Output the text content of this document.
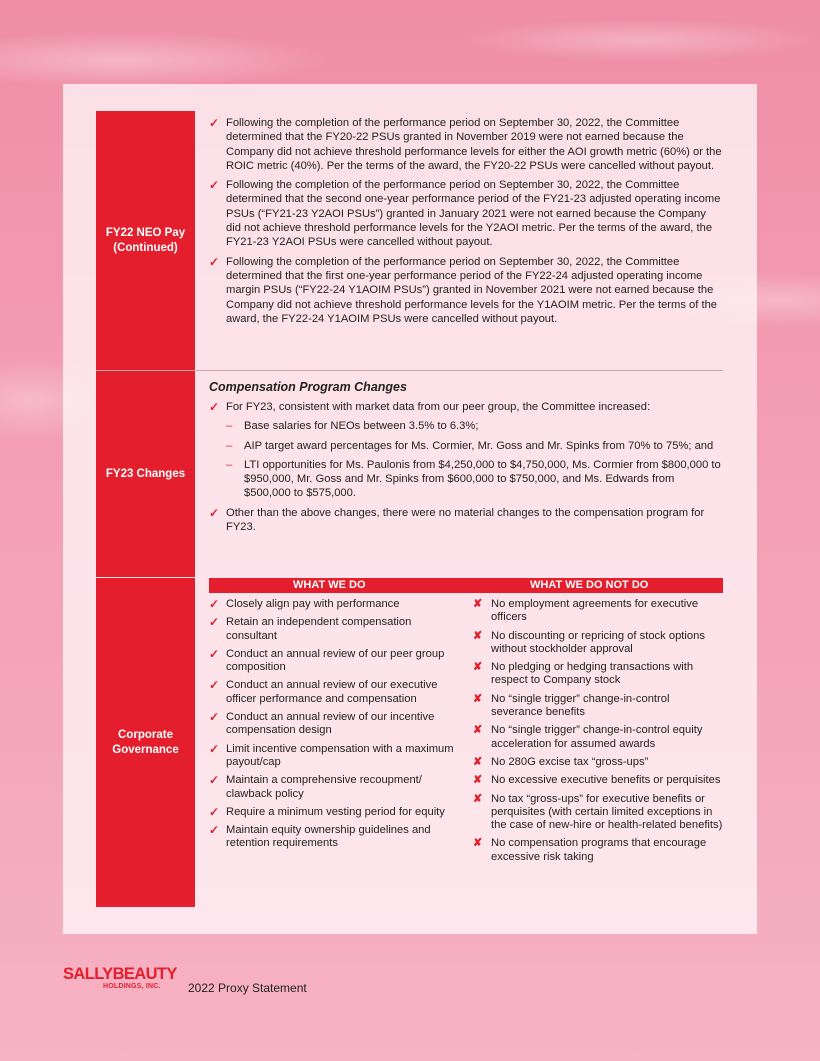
FY22 NEO Pay
(Continued)
✓ Following the completion of the performance period on September 30, 2022, the Committee determined that the FY20-22 PSUs granted in November 2019 were not earned because the Company did not achieve threshold performance levels for either the AOI growth metric (60%) or the ROIC metric (40%). Per the terms of the award, the FY20-22 PSUs were cancelled without payout.
✓ Following the completion of the performance period on September 30, 2022, the Committee determined that the second one-year performance period of the FY21-23 adjusted operating income PSUs (“FY21-23 Y2AOI PSUs”) granted in January 2021 were not earned because the Company did not achieve threshold performance levels for the Y2AOI metric. Per the terms of the award, the FY21-23 Y2AOI PSUs were cancelled without payout.
✓ Following the completion of the performance period on September 30, 2022, the Committee determined that the first one-year performance period of the FY22-24 adjusted operating income margin PSUs (“FY22-24 Y1AOIM PSUs”) granted in November 2021 were not earned because the Company did not achieve threshold performance levels for the Y1AOIM metric. Per the terms of the award, the FY22-24 Y1AOIM PSUs were cancelled without payout.
FY23 Changes
Compensation Program Changes
✓ For FY23, consistent with market data from our peer group, the Committee increased:
– Base salaries for NEOs between 3.5% to 6.3%;
– AIP target award percentages for Ms. Cormier, Mr. Goss and Mr. Spinks from 70% to 75%; and
– LTI opportunities for Ms. Paulonis from $4,250,000 to $4,750,000, Ms. Cormier from $800,000 to $950,000, Mr. Goss and Mr. Spinks from $600,000 to $750,000, and Ms. Edwards from $500,000 to $575,000.
✓ Other than the above changes, there were no material changes to the compensation program for FY23.
Corporate
Governance
WHAT WE DO	WHAT WE DO NOT DO
✓ Closely align pay with performance
✓ Retain an independent compensation consultant
✓ Conduct an annual review of our peer group composition
✓ Conduct an annual review of our executive officer performance and compensation
✓ Conduct an annual review of our incentive compensation design
✓ Limit incentive compensation with a maximum payout/cap
✓ Maintain a comprehensive recoupment/ clawback policy
✓ Require a minimum vesting period for equity
✓ Maintain equity ownership guidelines and retention requirements
✘ No employment agreements for executive officers
✘ No discounting or repricing of stock options without stockholder approval
✘ No pledging or hedging transactions with respect to Company stock
✘ No “single trigger” change-in-control severance benefits
✘ No “single trigger” change-in-control equity acceleration for assumed awards
✘ No 280G excise tax “gross-ups”
✘ No excessive executive benefits or perquisites
✘ No tax “gross-ups” for executive benefits or perquisites (with certain limited exceptions in the case of new-hire or health-related benefits)
✘ No compensation programs that encourage excessive risk taking
SALLYBEAUTY
HOLDINGS, INC. 2022 Proxy Statement
